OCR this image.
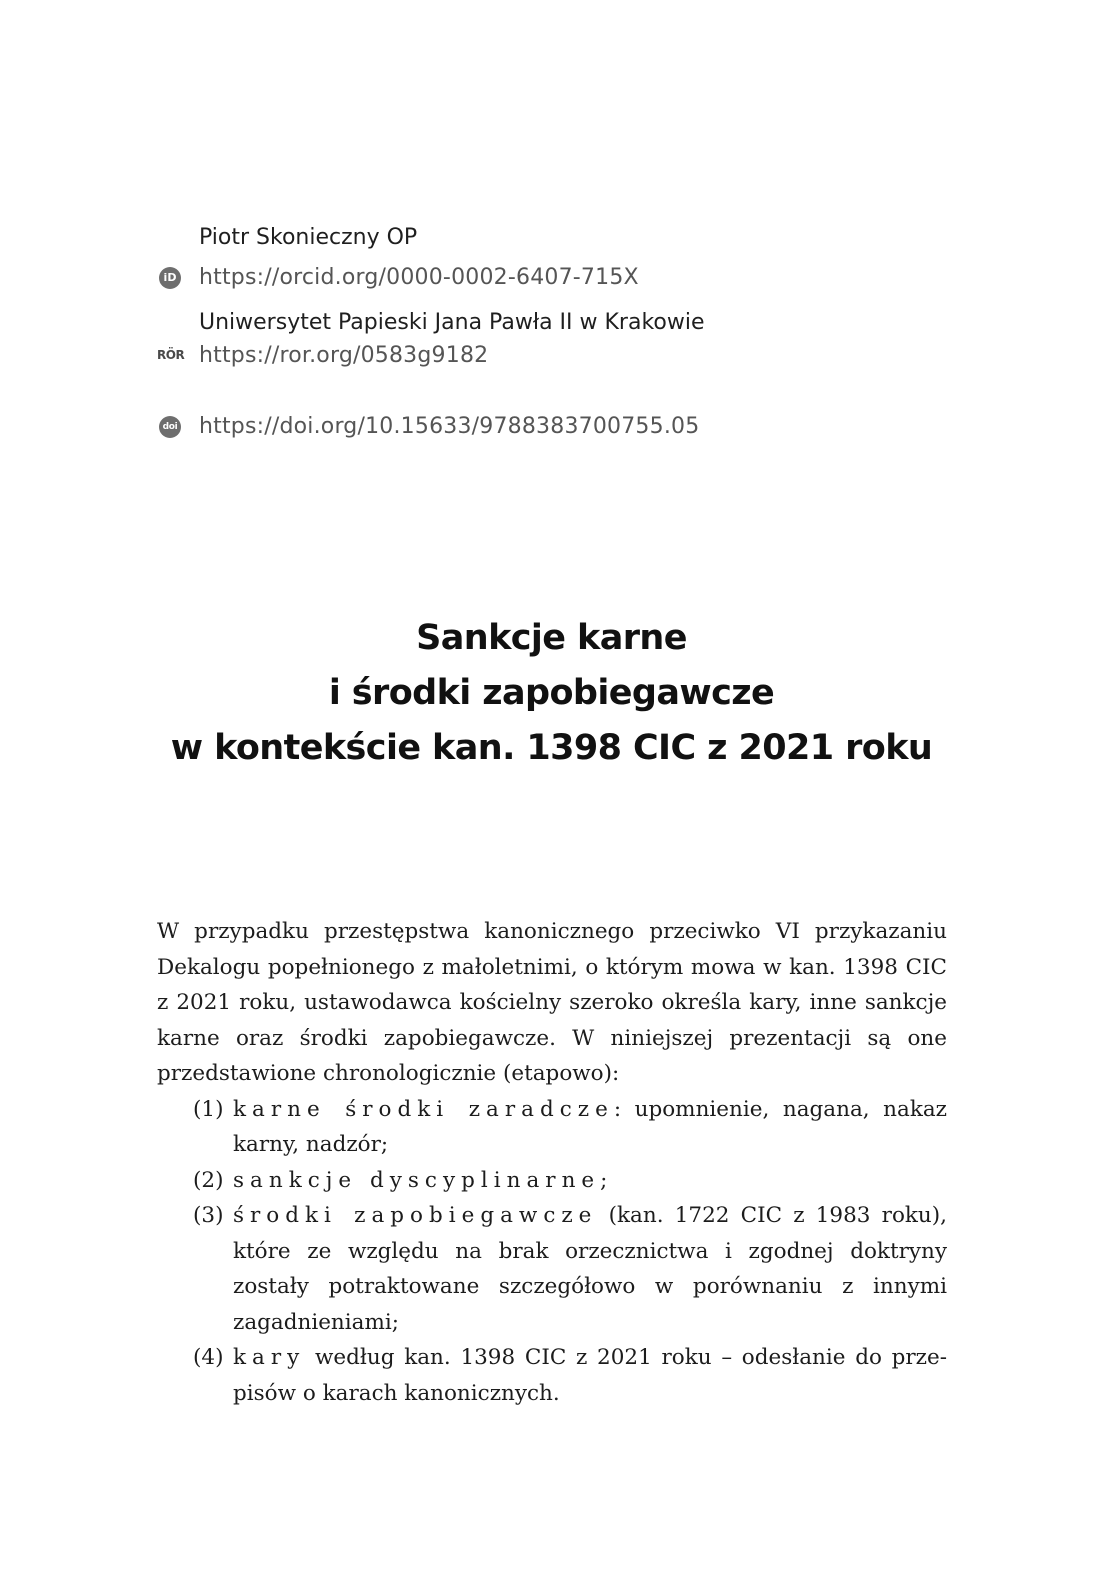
Piotr Skonieczny OP
iD https://orcid.org/0000-0002-6407-715X
Uniwersytet Papieski Jana Pawła II w Krakowie
RÖR https://ror.org/0583g9182
doi https://doi.org/10.15633/9788383700755.05
Sankcje karne
i środki zapobiegawcze
w kontekście kan. 1398 CIC z 2021 roku
W przypadku przestępstwa kanonicznego przeciwko VI przykazaniu Dekalogu popełnionego z małoletnimi, o którym mowa w kan. 1398 CIC z 2021 roku, ustawodawca kościelny szeroko określa kary, inne sankcje karne oraz środki zapobiegawcze. W niniejszej prezentacji są one przedstawione chronologicznie (etapowo):
(1) karne środki zaradcze: upomnienie, nagana, nakaz karny, nadzór;
(2) sankcje dyscyplinarne;
(3) środki zapobiegawcze (kan. 1722 CIC z 1983 roku), które ze względu na brak orzecznictwa i zgodnej doktryny zostały potraktowane szczegółowo w porównaniu z innymi zagadnieniami;
(4) kary według kan. 1398 CIC z 2021 roku – odesłanie do przepisów o karach kanonicznych.
